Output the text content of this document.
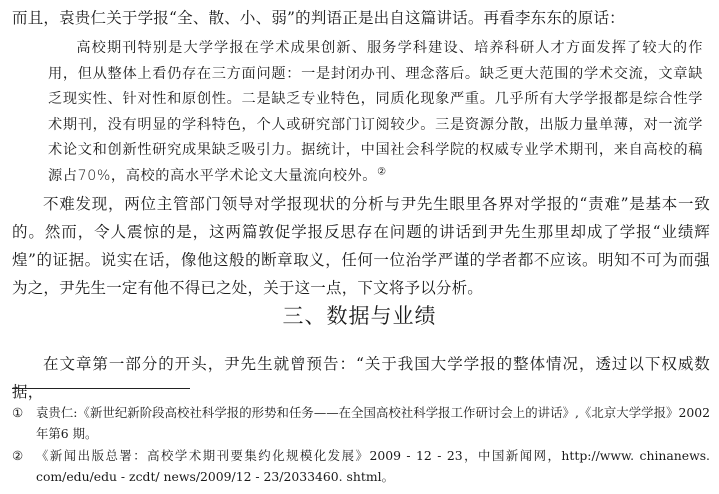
而且，袁贵仁关于学报“全、散、小、弱”的判语正是出自这篇讲话。再看李东东的原话：

高校期刊特别是大学学报在学术成果创新、服务学科建设、培养科研人才方面发挥了较大的作用，但从整体上看仍存在三方面问题：一是封闭办刊、理念落后。缺乏更大范围的学术交流，文章缺乏现实性、针对性和原创性。二是缺乏专业特色，同质化现象严重。几乎所有大学学报都是综合性学术期刊，没有明显的学科特色，个人或研究部门订阅较少。三是资源分散，出版力量单薄，对一流学术论文和创新性研究成果缺乏吸引力。据统计，中国社会科学院的权威专业学术期刊，来自高校的稿源占70%，高校的高水平学术论文大量流向校外。②

不难发现，两位主管部门领导对学报现状的分析与尹先生眼里各界对学报的“责难”是基本一致的。然而，令人震惊的是，这两篇敦促学报反思存在问题的讲话到尹先生那里却成了学报“业绩辉煌”的证据。说实在话，像他这般的断章取义，任何一位治学严谨的学者都不应该。明知不可为而强为之，尹先生一定有他不得已之处，关于这一点，下文将予以分析。

三、数据与业绩

在文章第一部分的开头，尹先生就曾预告：“关于我国大学学报的整体情况，透过以下权威数据，

①	袁贵仁:《新世纪新阶段高校社科学报的形势和任务——在全国高校社科学报工作研讨会上的讲话》,《北京大学学报》2002 年第6 期。
②	《新闻出版总署：高校学术期刊要集约化规模化发展》2009 - 12 - 23，中国新闻网，http://www. chinanews. com/edu/edu - zcdt/ news/2009/12 - 23/2033460. shtml。
